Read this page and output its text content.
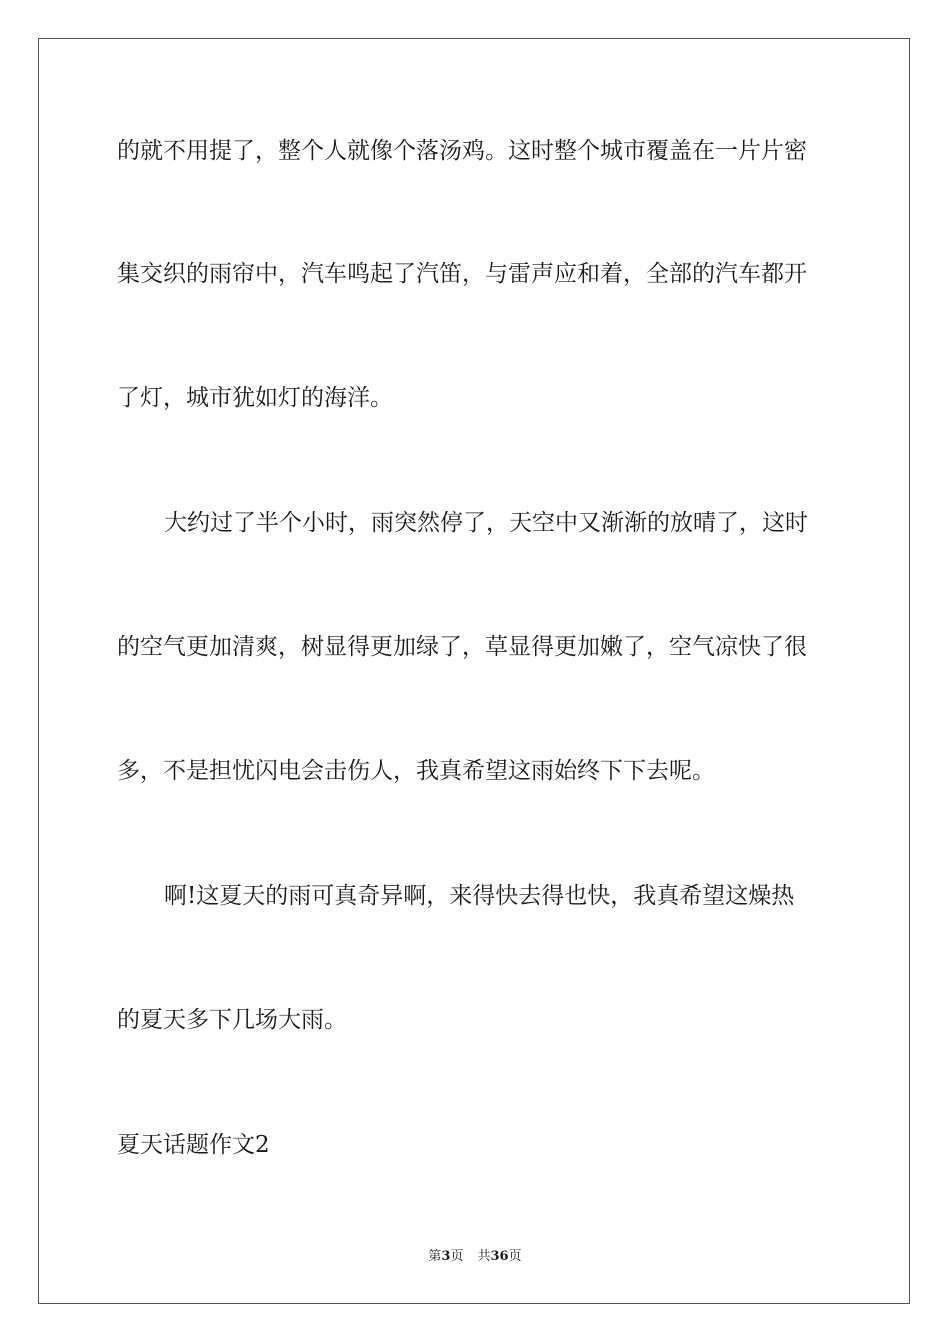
的就不用提了，整个人就像个落汤鸡。这时整个城市覆盖在一片片密
集交织的雨帘中，汽车鸣起了汽笛，与雷声应和着，全部的汽车都开
了灯，城市犹如灯的海洋。
大约过了半个小时，雨突然停了，天空中又渐渐的放晴了，这时
的空气更加清爽，树显得更加绿了，草显得更加嫩了，空气凉快了很
多，不是担忧闪电会击伤人，我真希望这雨始终下下去呢。
啊!这夏天的雨可真奇异啊，来得快去得也快，我真希望这燥热
的夏天多下几场大雨。
夏天话题作文2
第3页 共36页
